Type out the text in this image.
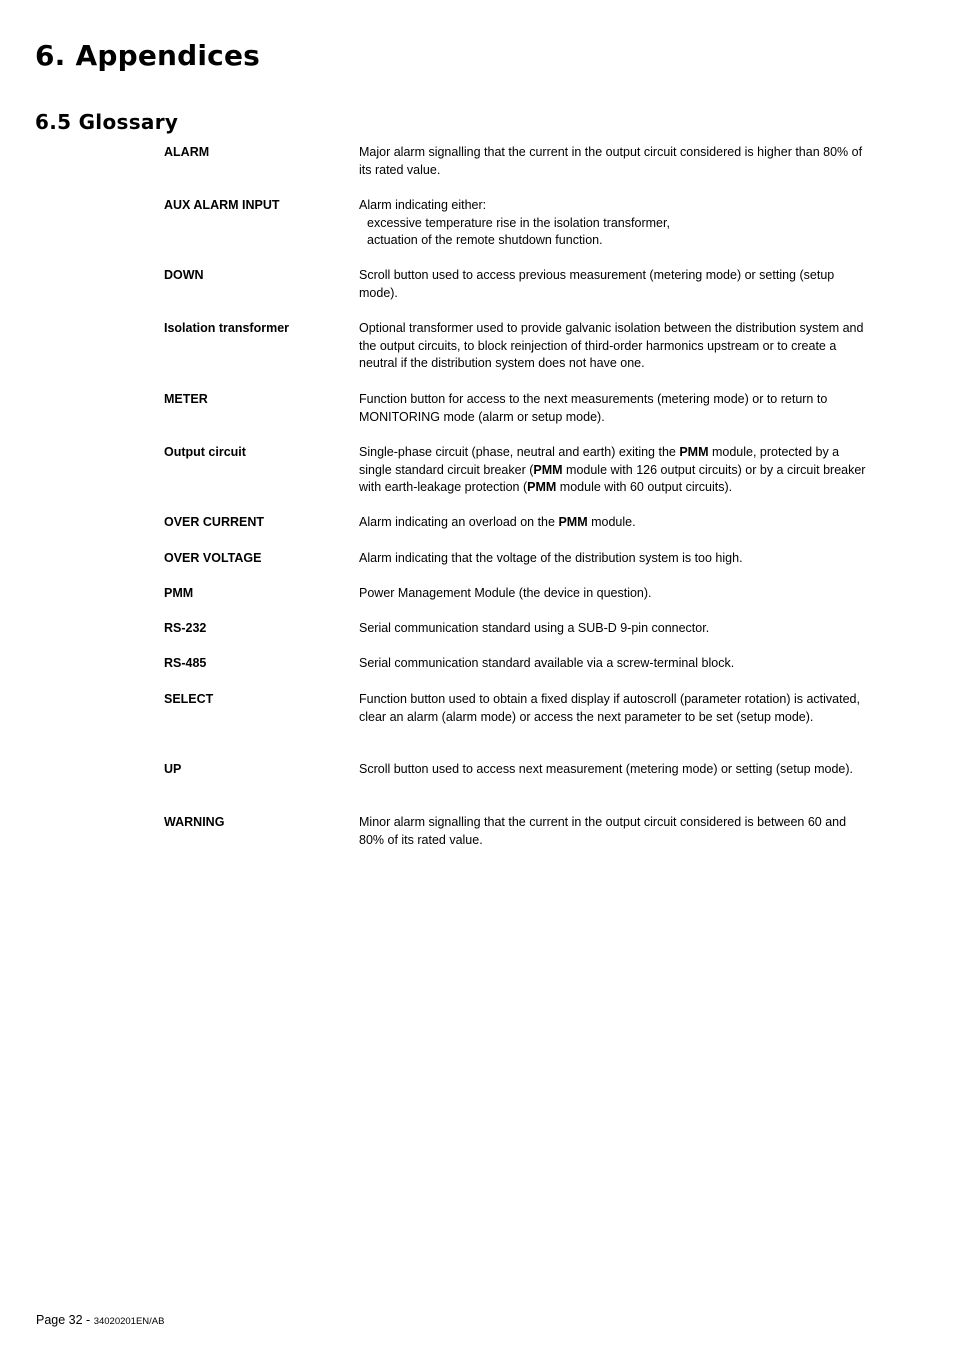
6. Appendices
6.5 Glossary
ALARM	Major alarm signalling that the current in the output circuit considered is higher than 80% of its rated value.
AUX ALARM INPUT	Alarm indicating either:
excessive temperature rise in the isolation transformer,
actuation of the remote shutdown function.
DOWN	Scroll button used to access previous measurement (metering mode) or setting (setup mode).
Isolation transformer	Optional transformer used to provide galvanic isolation between the distribution system and the output circuits, to block reinjection of third-order harmonics upstream or to create a neutral if the distribution system does not have one.
METER	Function button for access to the next measurements (metering mode) or to return to MONITORING mode (alarm or setup mode).
Output circuit	Single-phase circuit (phase, neutral and earth) exiting the PMM module, protected by a single standard circuit breaker (PMM module with 126 output circuits) or by a circuit breaker with earth-leakage protection (PMM module with 60 output circuits).
OVER CURRENT	Alarm indicating an overload on the PMM module.
OVER VOLTAGE	Alarm indicating that the voltage of the distribution system is too high.
PMM	Power Management Module (the device in question).
RS-232	Serial communication standard using a SUB-D 9-pin connector.
RS-485	Serial communication standard available via a screw-terminal block.
SELECT	Function button used to obtain a fixed display if autoscroll (parameter rotation) is activated, clear an alarm (alarm mode) or access the next parameter to be set (setup mode).
UP	Scroll button used to access next measurement (metering mode) or setting (setup mode).
WARNING	Minor alarm signalling that the current in the output circuit considered is between 60 and 80% of its rated value.
Page 32 - 34020201EN/AB
